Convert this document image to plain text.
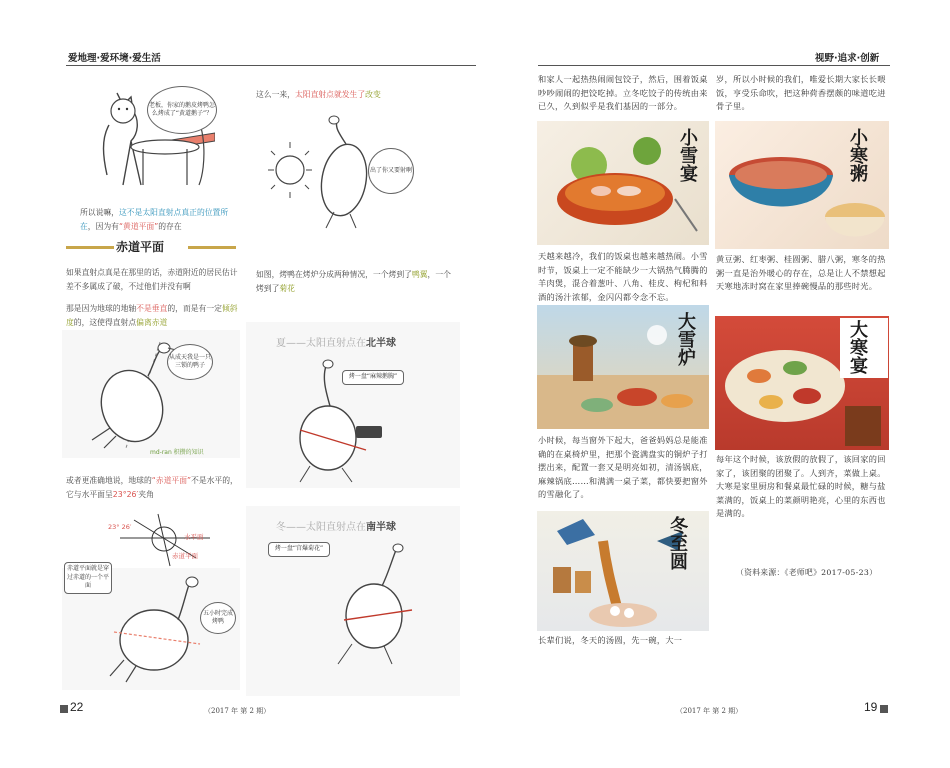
爱地理·爱环境·爱生活
老板，你家的鹅皮烤鸭怎么烤成了“黄道鹅子”？
所以说嘛，这不是太阳直射点真正的位置所在，因为有“黄道平面”的存在
赤道平面
如果直射点真是在那里的话，赤道附近的居民估计差不多属成了破，不过他们并没有啊
那是因为地球的地轴不是垂直的，而是有一定倾斜度的，这使得直射点偏离赤道
从成天我是一只三锁的鸭子
md-ran 积攒的知识
或者更准确地说，地球的“赤道平面”不是水平的，它与水平面呈23°26′夹角
23° 26′
水平面
赤道平面
赤道平面就是穿过赤道的一个平面
五小时完成烤鸭
这么一来，太阳直射点就发生了改变
出了你又要射啊
如图，烤鸭在烤炉分成两种情况，一个烤到了鸭翼，一个烤到了菊花
夏——太阳直射点在北半球
烤一盘“麻辣鹅胸”
冬——太阳直射点在南半球
烤一盘“宫爆菊花”
22	（2017 年 第 2 期）
视野·追求·创新
和家人一起热热闹闹包饺子，然后，围着饭桌吵吵闹闹的把饺吃掉。立冬吃饺子的传统由来已久，久到似乎是我们基因的一部分。
小雪宴
天越来越冷，我们的饭桌也越来越热闹。小雪时节，饭桌上一定不能缺少一大锅热气腾腾的羊肉煲，混合着葱叶、八角、桂皮、枸杞和料酒的汤汁浓郁，金闪闪都令念不忘。
大雪炉
小时候，每当窗外下起大，爸爸妈妈总是能准确的在桌椅炉里，把那个瓷满盘实的铜炉子打摆出来，配置一套又是明亮如初，清汤锅底，麻辣锅底……和满满一桌子菜，都快要把窗外的雪融化了。
冬至圆
长辈们说，冬天的汤圆，先一碗，大一
岁，所以小时候的我们，唯爱长期大家长长喂饭，亨受乐命吹，把这种荷香摆颇的味道吃进骨子里。
小寒粥
黄豆粥、红枣粥、桂圆粥、腊八粥，寒冬的热粥一直是治外暖心的存在，总是让人不禁想起天寒地冻时窝在家里捧碗慢品的那些时光。
大寒宴
每年这个时候，该放假的放假了，该回家的回家了，该团聚的团聚了。人到齐，菜做上桌。大寒是家里厨房和餐桌最忙碌的时候，糖与盐菜满的，饭桌上的菜颜明艳亮，心里的东西也是满的。
（资料来源：《老师吧》2017-05-23）
（2017 年 第 2 期）	19
